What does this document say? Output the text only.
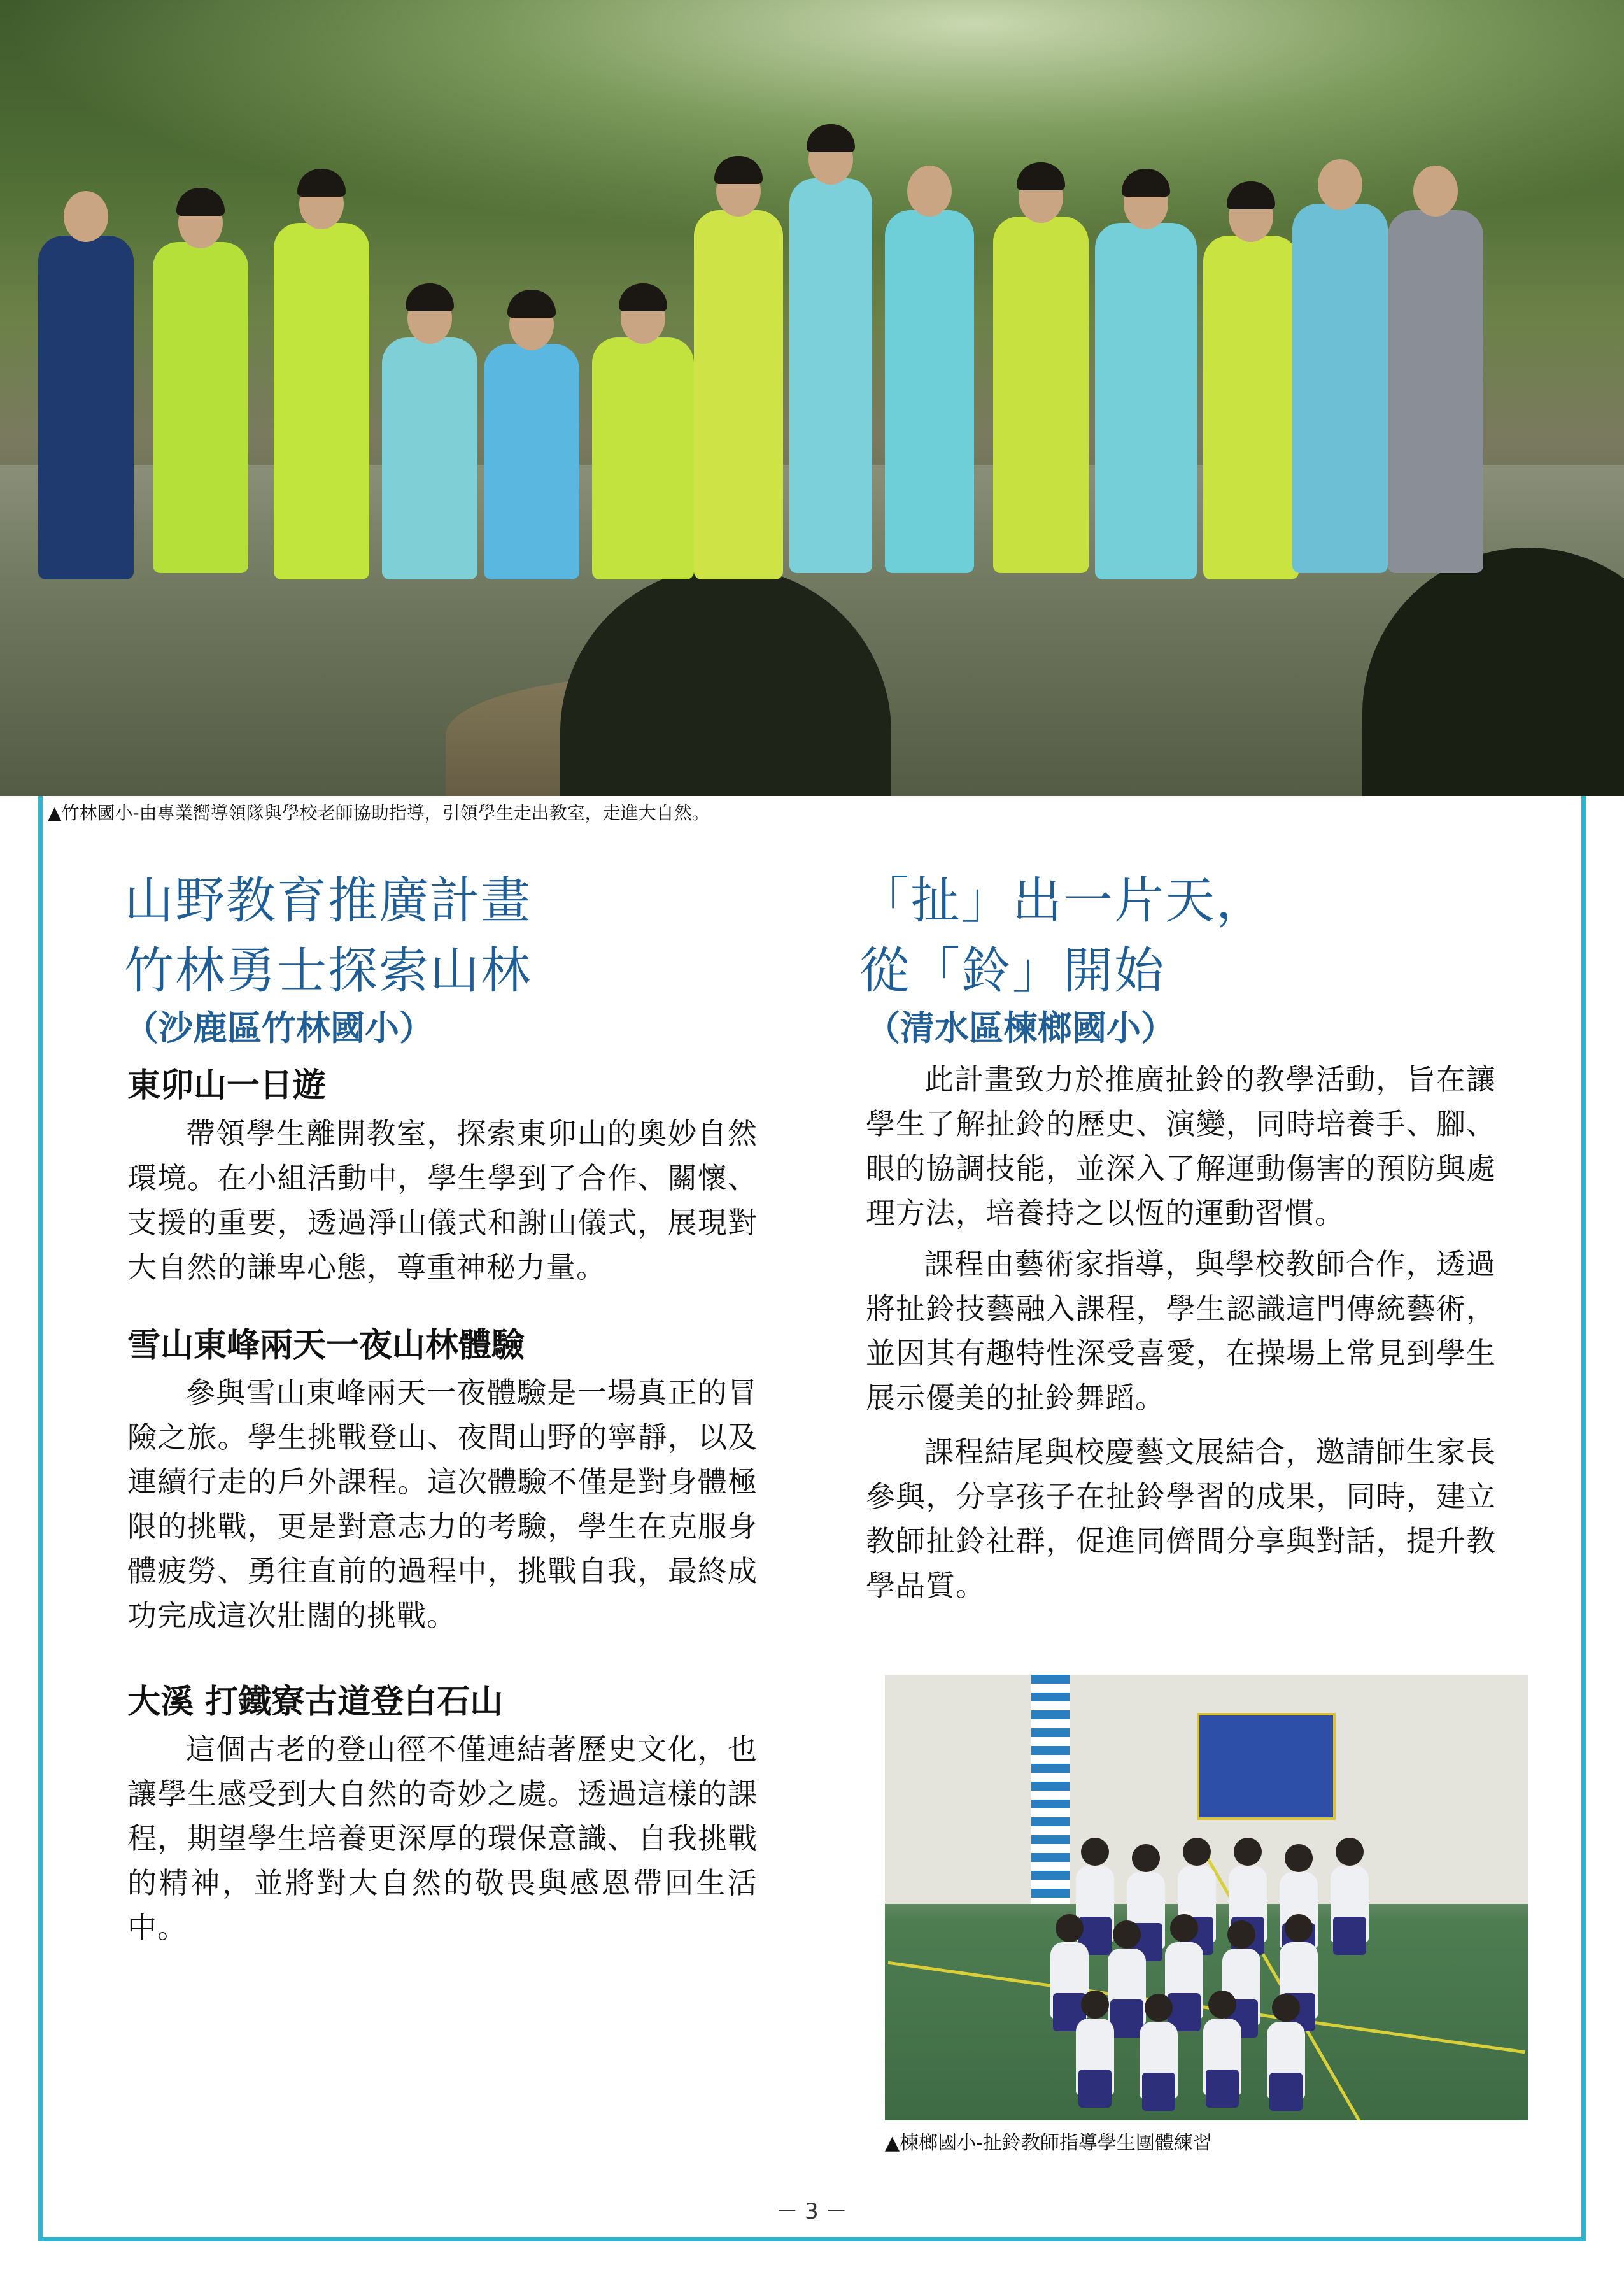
▲竹林國小-由專業嚮導領隊與學校老師協助指導，引領學生走出教室，走進大自然。
山野教育推廣計畫
竹林勇士探索山林
（沙鹿區竹林國小）
東卯山一日遊

帶領學生離開教室，探索東卯山的奧妙自然環境。在小組活動中，學生學到了合作、關懷、支援的重要，透過淨山儀式和謝山儀式，展現對大自然的謙卑心態，尊重神秘力量。

雪山東峰兩天一夜山林體驗

參與雪山東峰兩天一夜體驗是一場真正的冒險之旅。學生挑戰登山、夜間山野的寧靜，以及連續行走的戶外課程。這次體驗不僅是對身體極限的挑戰，更是對意志力的考驗，學生在克服身體疲勞、勇往直前的過程中，挑戰自我，最終成功完成這次壯闊的挑戰。

大溪 打鐵寮古道登白石山

這個古老的登山徑不僅連結著歷史文化，也讓學生感受到大自然的奇妙之處。透過這樣的課程，期望學生培養更深厚的環保意識、自我挑戰的精神，並將對大自然的敬畏與感恩帶回生活中。

「扯」出一片天，
從「鈴」開始
（清水區楝榔國小）

此計畫致力於推廣扯鈴的教學活動，旨在讓學生了解扯鈴的歷史、演變，同時培養手、腳、眼的協調技能，並深入了解運動傷害的預防與處理方法，培養持之以恆的運動習慣。

課程由藝術家指導，與學校教師合作，透過將扯鈴技藝融入課程，學生認識這門傳統藝術，並因其有趣特性深受喜愛，在操場上常見到學生展示優美的扯鈴舞蹈。

課程結尾與校慶藝文展結合，邀請師生家長參與，分享孩子在扯鈴學習的成果，同時，建立教師扯鈴社群，促進同儕間分享與對話，提升教學品質。

▲楝榔國小-扯鈴教師指導學生團體練習
－ 3 －
